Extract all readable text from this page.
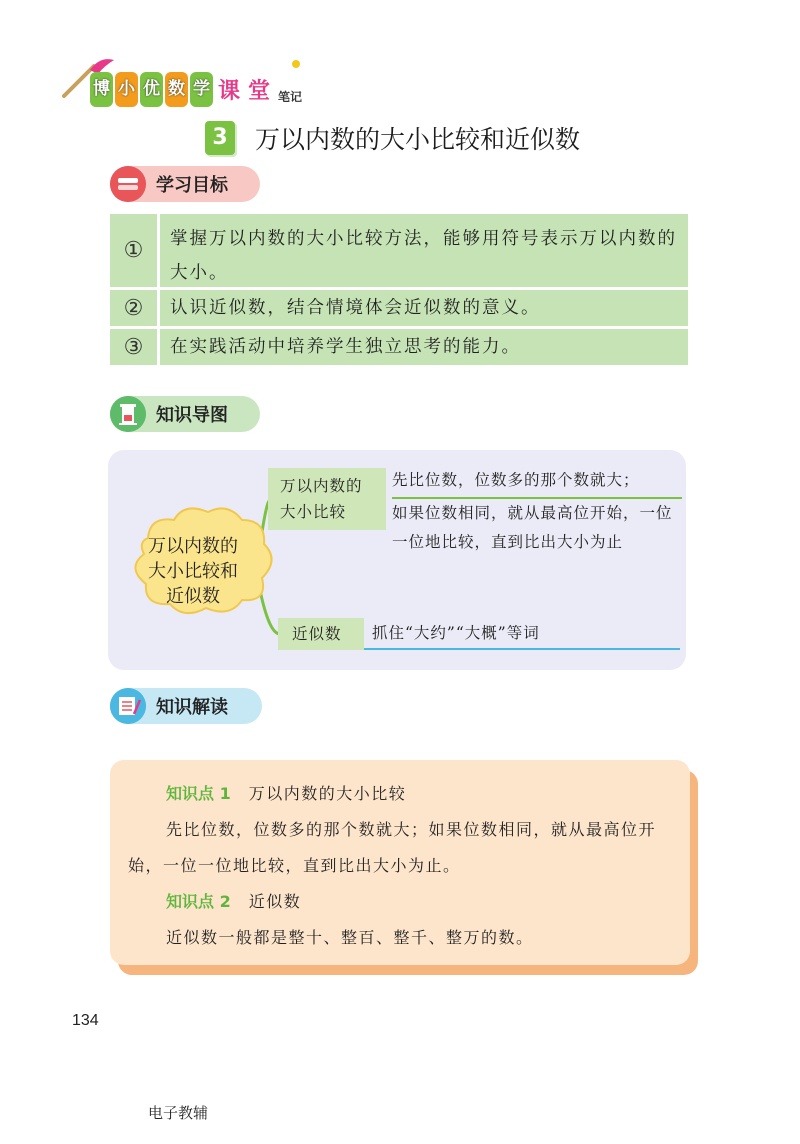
博 小 优 数 学 课 堂 笔记
3 万以内数的大小比较和近似数
学习目标
①	掌握万以内数的大小比较方法，能够用符号表示万以内数的大小。
②	认识近似数，结合情境体会近似数的意义。
③	在实践活动中培养学生独立思考的能力。
知识导图
万以内数的
大小比较和
近似数
万以内数的
大小比较
先比位数，位数多的那个数就大；
如果位数相同，就从最高位开始，一位一位地比较，直到比出大小为止
近似数	抓住“大约”“大概”等词
知识解读
知识点 1 万以内数的大小比较
先比位数，位数多的那个数就大；如果位数相同，就从最高位开始，一位一位地比较，直到比出大小为止。
知识点 2 近似数
近似数一般都是整十、整百、整千、整万的数。
134
电子教辅
